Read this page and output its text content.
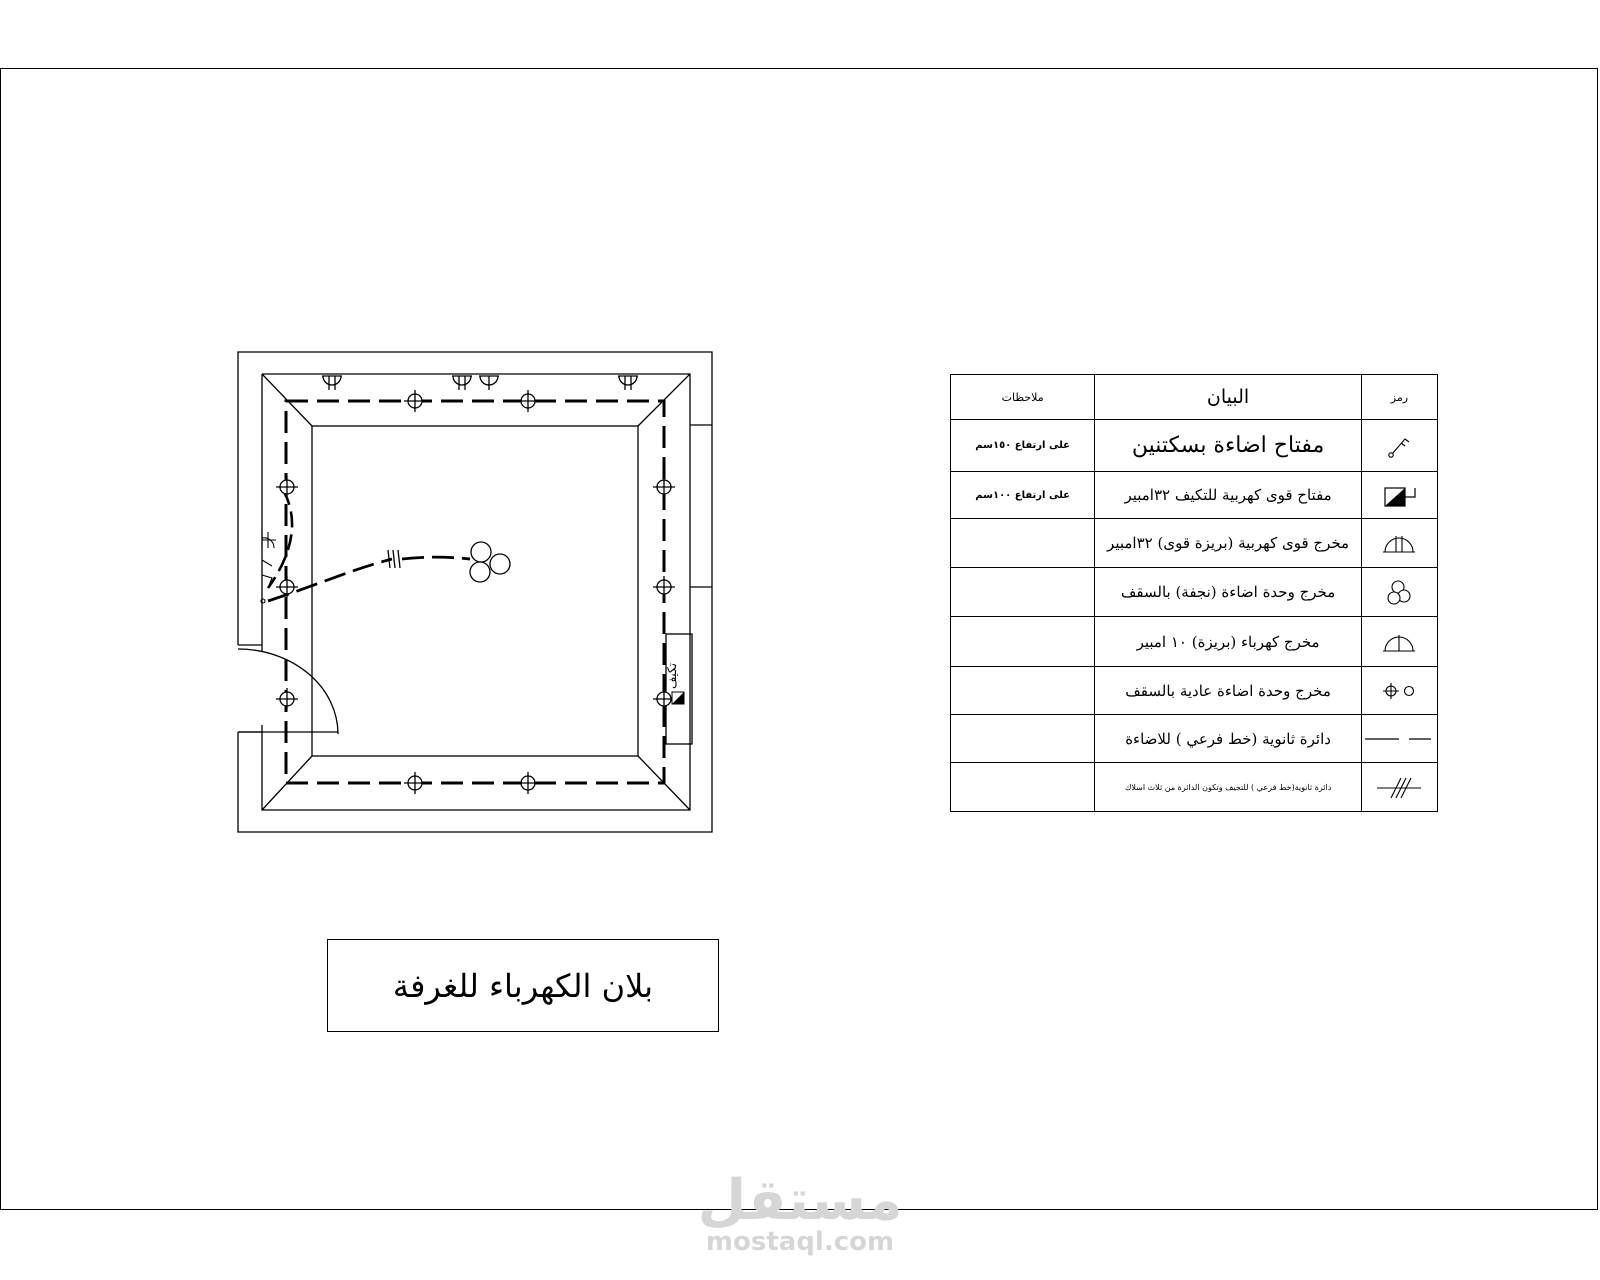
تكيف
رمز	البيان	ملاحظات

	مفتاح اضاءة بسكتنين	على ارتفاع ١٥٠سم

	مفتاح قوى كهربية للتكيف ٣٢امبير	على ارتفاع ١٠٠سم

	مخرج قوى كهربية (بريزة قوى) ٣٢امبير	

	مخرج وحدة اضاءة (نجفة) بالسقف	

	مخرج كهرباء (بريزة) ١٠ امبير	

	مخرج وحدة اضاءة عادية بالسقف	

	دائرة ثانوية (خط فرعي ) للاضاءة	

	دائرة ثانوية(خط فرعي ) للتجيف وتكون الدائرة من ثلاث اسلاك	
بلان الكهرباء للغرفة
مستقل
mostaql.com
